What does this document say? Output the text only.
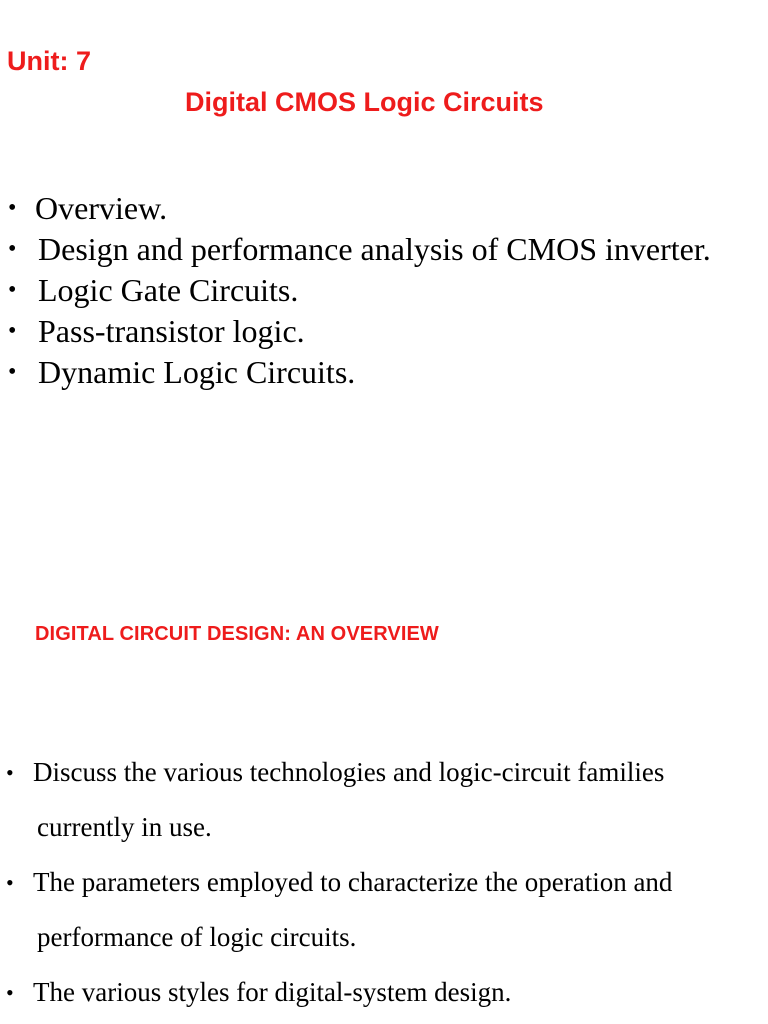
Unit: 7
Digital CMOS Logic Circuits
• Overview.
• Design and performance analysis of CMOS inverter.
• Logic Gate Circuits.
• Pass-transistor logic.
• Dynamic Logic Circuits.
DIGITAL CIRCUIT DESIGN: AN OVERVIEW
• Discuss the various technologies and logic-circuit families
currently in use.
• The parameters employed to characterize the operation and
performance of logic circuits.
• The various styles for digital-system design.
